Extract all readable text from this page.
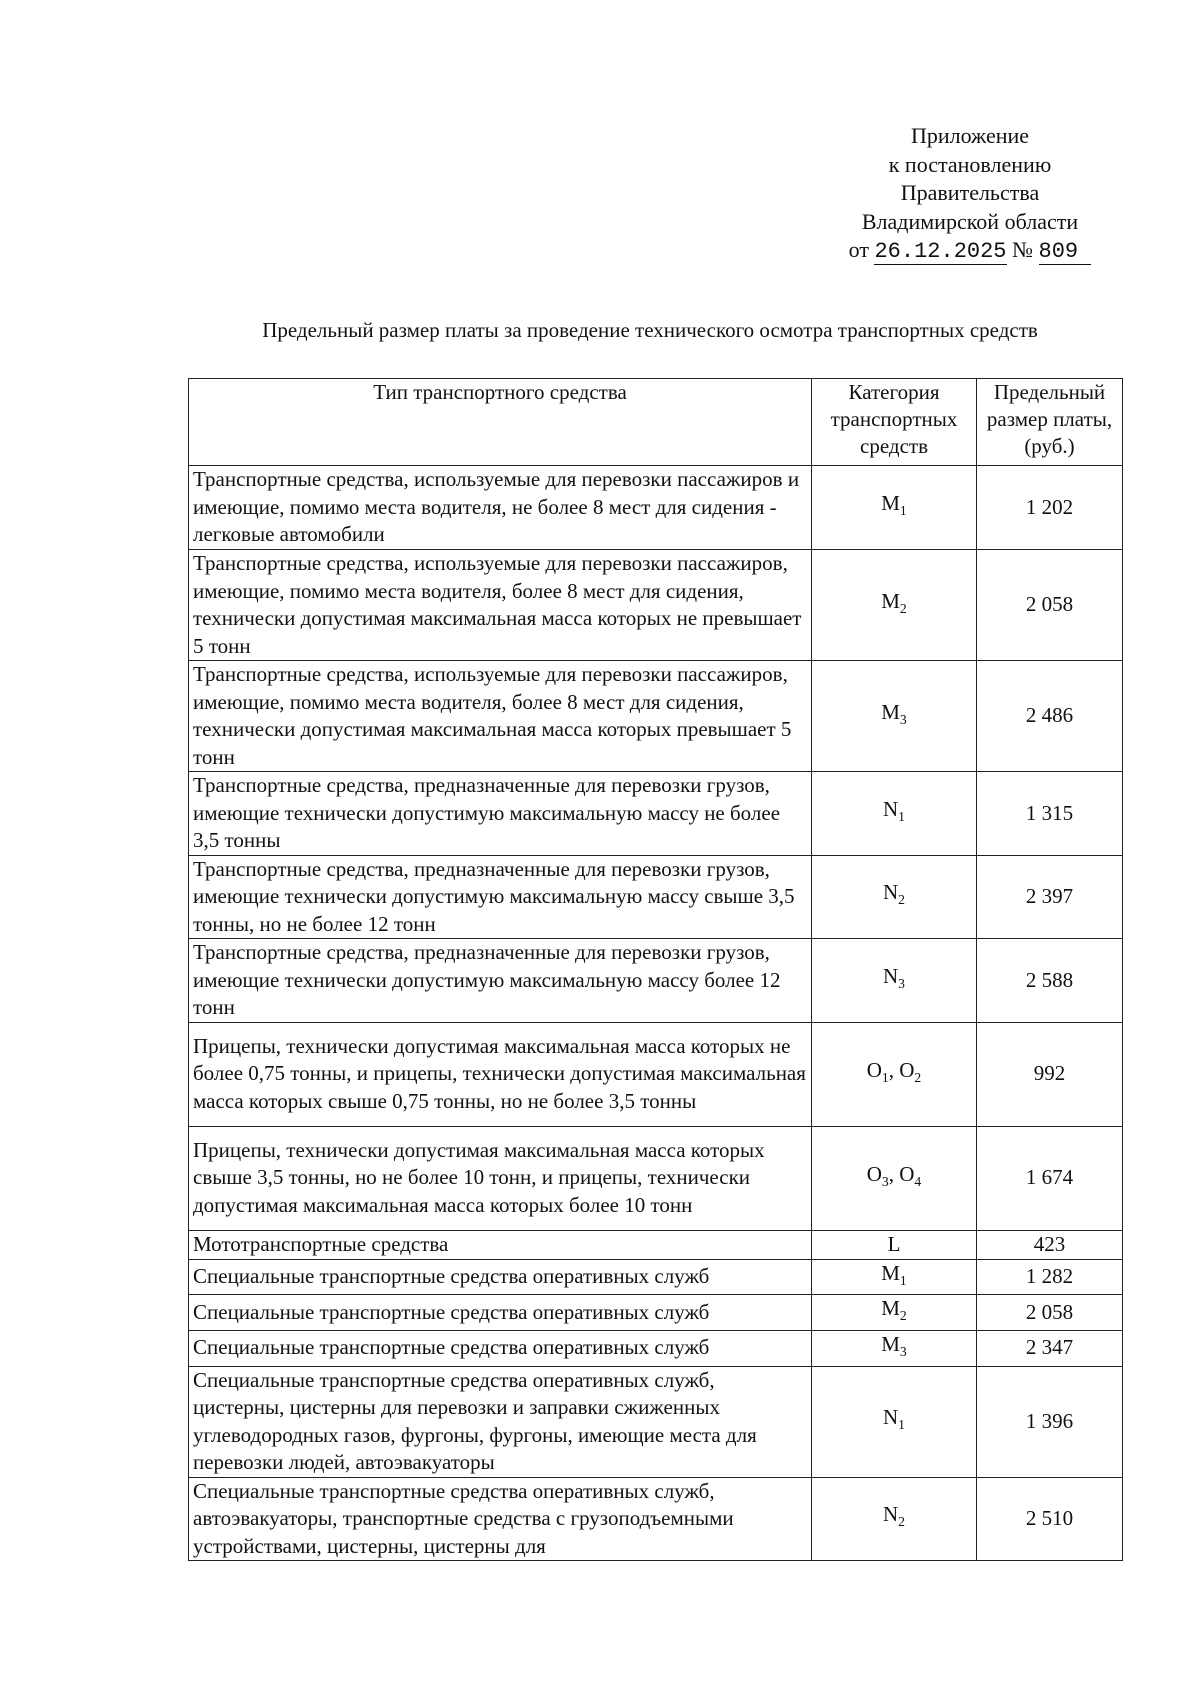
Приложение
к постановлению
Правительства
Владимирской области
от 26.12.2025 № 809
Предельный размер платы за проведение технического осмотра транспортных средств
Тип транспортного средства	Категория транспортных средств	Предельный размер платы, (руб.)
Транспортные средства, используемые для перевозки пассажиров и имеющие, помимо места водителя, не более 8 мест для сидения - легковые автомобили	$M_1$	1 202
Транспортные средства, используемые для перевозки пассажиров, имеющие, помимо места водителя, более 8 мест для сидения, технически допустимая максимальная масса которых не превышает 5 тонн	$M_2$	2 058
Транспортные средства, используемые для перевозки пассажиров, имеющие, помимо места водителя, более 8 мест для сидения, технически допустимая максимальная масса которых превышает 5 тонн	$M_3$	2 486
Транспортные средства, предназначенные для перевозки грузов, имеющие технически допустимую максимальную массу не более 3,5 тонны	$N_1$	1 315
Транспортные средства, предназначенные для перевозки грузов, имеющие технически допустимую максимальную массу свыше 3,5 тонны, но не более 12 тонн	$N_2$	2 397
Транспортные средства, предназначенные для перевозки грузов, имеющие технически допустимую максимальную массу более 12 тонн	$N_3$	2 588
Прицепы, технически допустимая максимальная масса которых не более 0,75 тонны, и прицепы, технически допустимая максимальная масса которых свыше 0,75 тонны, но не более 3,5 тонны	$O_1$, $O_2$	992
Прицепы, технически допустимая максимальная масса которых свыше 3,5 тонны, но не более 10 тонн, и прицепы, технически допустимая максимальная масса которых более 10 тонн	$O_3$, $O_4$	1 674
Мототранспортные средства	L	423
Специальные транспортные средства оперативных служб	$M_1$	1 282
Специальные транспортные средства оперативных служб	$M_2$	2 058
Специальные транспортные средства оперативных служб	$M_3$	2 347
Специальные транспортные средства оперативных служб, цистерны, цистерны для перевозки и заправки сжиженных углеводородных газов, фургоны, фургоны, имеющие места для перевозки людей, автоэвакуаторы	$N_1$	1 396
Специальные транспортные средства оперативных служб, автоэвакуаторы, транспортные средства с грузоподъемными устройствами, цистерны, цистерны для	$N_2$	2 510
